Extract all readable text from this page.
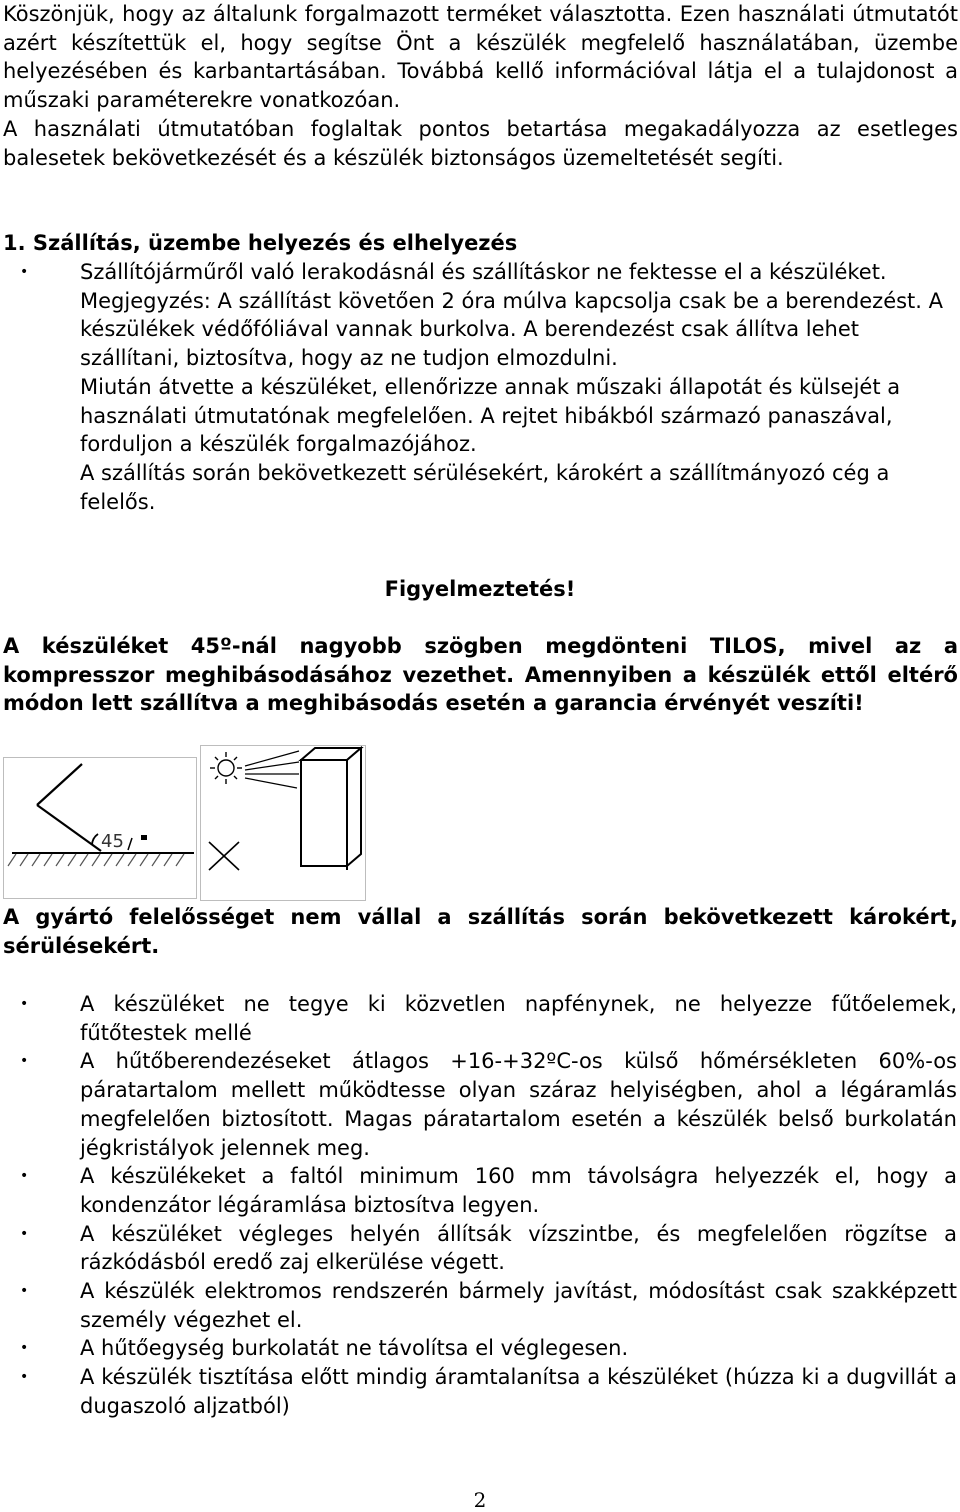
Köszönjük, hogy az általunk forgalmazott terméket választotta. Ezen használati útmutatót azért készítettük el, hogy segítse Önt a készülék megfelelő használatában, üzembe helyezésében és karbantartásában. Továbbá kellő információval látja el a tulajdonost a műszaki paraméterekre vonatkozóan.
A használati útmutatóban foglaltak pontos betartása megakadályozza az esetleges balesetek bekövetkezését és a készülék biztonságos üzemeltetését segíti.
1. Szállítás, üzembe helyezés és elhelyezés
• Szállítójárműről való lerakodásnál és szállításkor ne fektesse el a készüléket. Megjegyzés: A szállítást követően 2 óra múlva kapcsolja csak be a berendezést. A készülékek védőfóliával vannak burkolva. A berendezést csak állítva lehet szállítani, biztosítva, hogy az ne tudjon elmozdulni.
Miután átvette a készüléket, ellenőrizze annak műszaki állapotát és külsejét a használati útmutatónak megfelelően. A rejtet hibákból származó panaszával, forduljon a készülék forgalmazójához.
A szállítás során bekövetkezett sérülésekért, károkért a szállítmányozó cég a felelős.
Figyelmeztetés!
A készüléket 45º-nál nagyobb szögben megdönteni TILOS, mivel az a kompresszor meghibásodásához vezethet. Amennyiben a készülék ettől eltérő módon lett szállítva a meghibásodás esetén a garancia érvényét veszíti!
45
A gyártó felelősséget nem vállal a szállítás során bekövetkezett károkért, sérülésekért.
• A készüléket ne tegye ki közvetlen napfénynek, ne helyezze fűtőelemek, fűtőtestek mellé
• A hűtőberendezéseket átlagos +16-+32ºC-os külső hőmérsékleten 60%-os páratartalom mellett működtesse olyan száraz helyiségben, ahol a légáramlás megfelelően biztosított. Magas páratartalom esetén a készülék belső burkolatán jégkristályok jelennek meg.
• A készülékeket a faltól minimum 160 mm távolságra helyezzék el, hogy a kondenzátor légáramlása biztosítva legyen.
• A készüléket végleges helyén állítsák vízszintbe, és megfelelően rögzítse a rázkódásból eredő zaj elkerülése végett.
• A készülék elektromos rendszerén bármely javítást, módosítást csak szakképzett személy végezhet el.
• A hűtőegység burkolatát ne távolítsa el véglegesen.
• A készülék tisztítása előtt mindig áramtalanítsa a készüléket (húzza ki a dugvillát a dugaszoló aljzatból)
2
